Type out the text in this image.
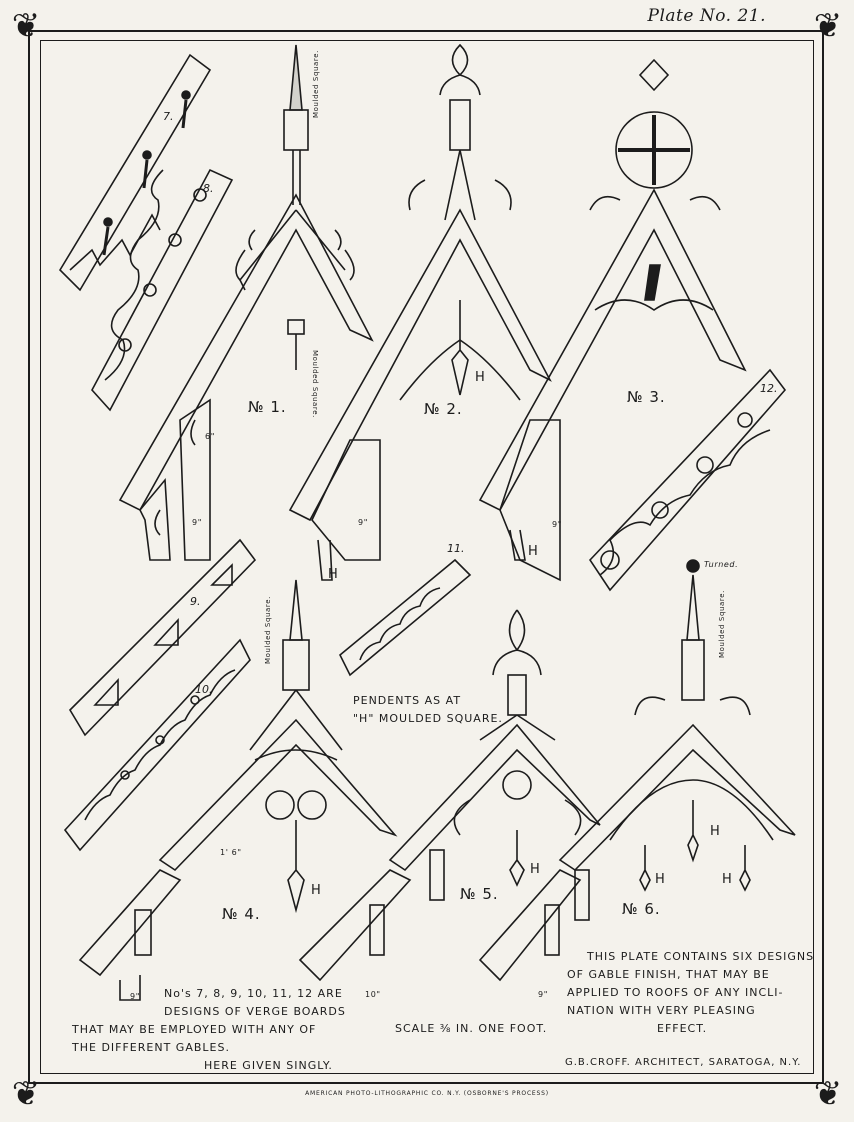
❦	❦
❦	❦
Plate No. 21.
№ 1.	№ 2.
№ 3.
№ 4.
№ 5.
№ 6.
7.
8.
9.
10.
11.
12.
H
H
H
H
H
H
H	H
Moulded Square.
Moulded Square.
Moulded Square.	Moulded Square.
Turned.
9"	9"	9"
9"	10"	9"
6"
1' 6"
PENDENTS AS AT
"H" MOULDED SQUARE.
No's 7, 8, 9, 10, 11, 12 ARE
DESIGNS OF VERGE BOARDS
THAT MAY BE EMPLOYED WITH ANY OF
THE DIFFERENT GABLES.
HERE GIVEN SINGLY.
SCALE ⅜ IN. ONE FOOT.
THIS PLATE CONTAINS SIX DESIGNS
OF GABLE FINISH, THAT MAY BE
APPLIED TO ROOFS OF ANY INCLI-
NATION WITH VERY PLEASING
EFFECT.
G.B.CROFF. ARCHITECT, SARATOGA, N.Y.
AMERICAN PHOTO-LITHOGRAPHIC CO. N.Y. (OSBORNE'S PROCESS)
